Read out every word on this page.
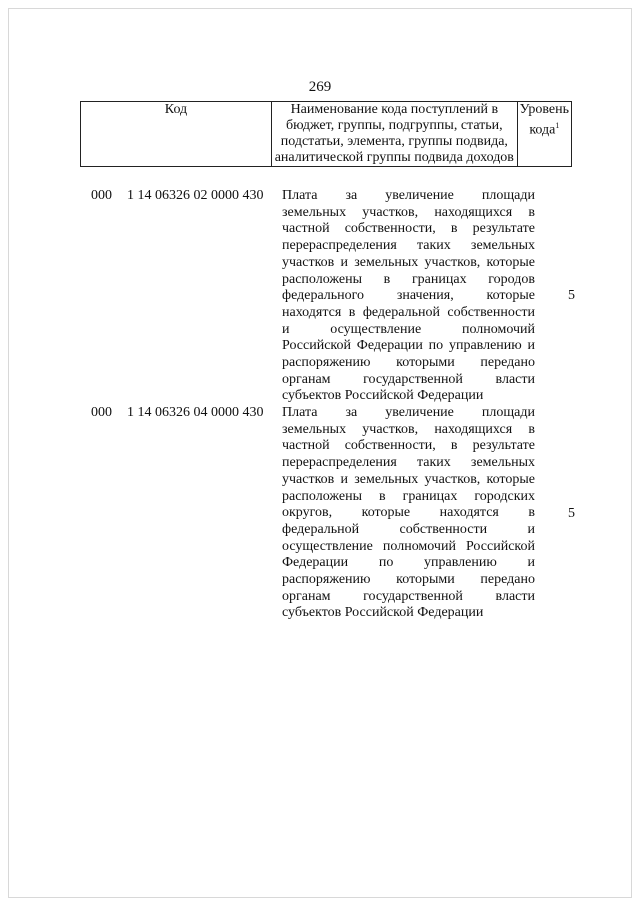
269
Код	Наименование кода поступлений в бюджет, группы, подгруппы, статьи, подстатьи, элемента, группы подвида, аналитической группы подвида доходов	Уровень кода$^1$
000 1 14 06326 02 0000 430 Плата за увеличение площади
земельных участков, находящихся в
частной собственности, в результате
перераспределения таких земельных
участков и земельных участков, которые
расположены в границах городов
федерального значения, которые
находятся в федеральной собственности
и осуществление полномочий
Российской Федерации по управлению и
распоряжению которыми передано
органам государственной власти
субъектов Российской Федерации
5
000 1 14 06326 04 0000 430 Плата за увеличение площади
земельных участков, находящихся в
частной собственности, в результате
перераспределения таких земельных
участков и земельных участков, которые
расположены в границах городских
округов, которые находятся в
федеральной собственности и
осуществление полномочий Российской
Федерации по управлению и
распоряжению которыми передано
органам государственной власти
субъектов Российской Федерации
5
